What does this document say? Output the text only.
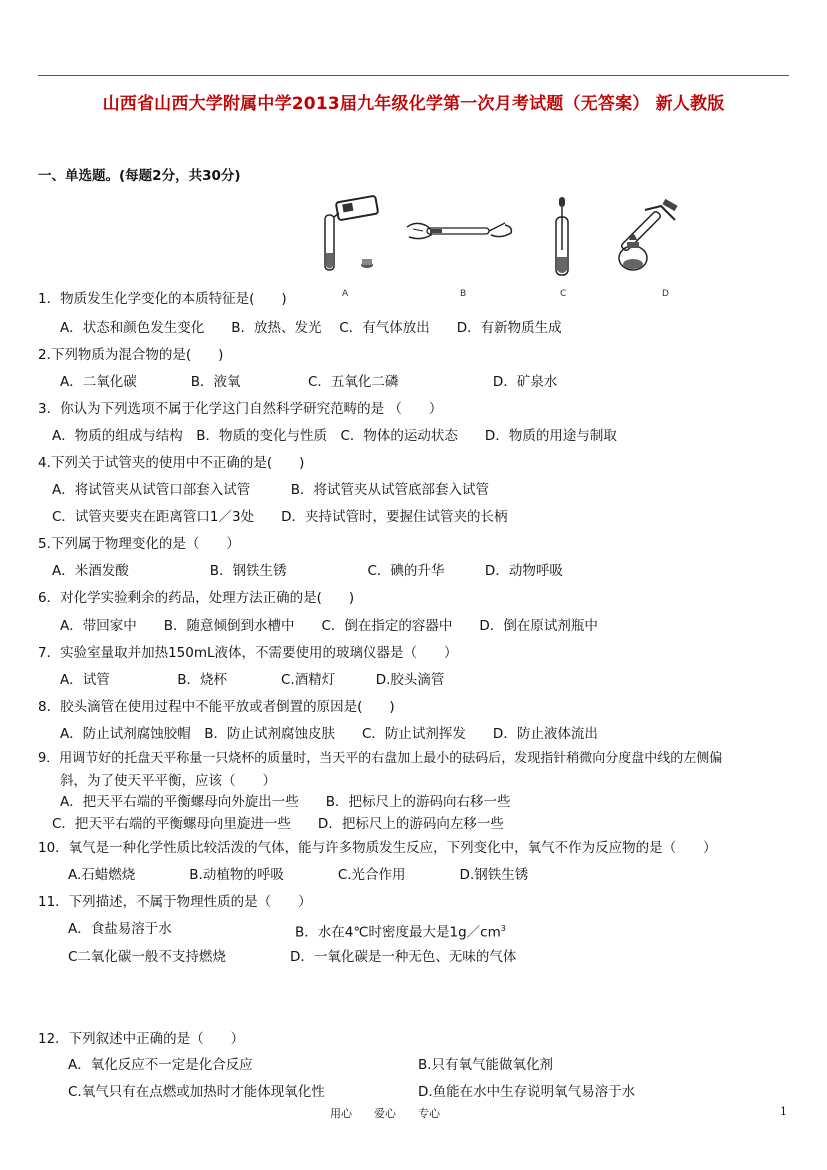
山西省山西大学附属中学2013届九年级化学第一次月考试题（无答案） 新人教版
一、单选题。(每题2分，共30分)
A	B	C	D
1．物质发生化学变化的本质特征是(　　)
A．状态和颜色发生变化　　B．放热、发光　 C．有气体放出　　D．有新物质生成
2.下列物质为混合物的是(　　)
A．二氧化碳　　　　B．液氧　　　　　C．五氧化二磷　　　　　　　D．矿泉水
3．你认为下列选项不属于化学这门自然科学研究范畴的是 （　　）
A．物质的组成与结构　B．物质的变化与性质　C．物体的运动状态　　D．物质的用途与制取
4.下列关于试管夹的使用中不正确的是(　　)
A．将试管夹从试管口部套入试管　　　B．将试管夹从试管底部套入试管
C．试管夹要夹在距离管口1／3处　　D．夹持试管时，要握住试管夹的长柄
5.下列属于物理变化的是（　　）
A．米酒发酸　　　　　　B．钢铁生锈　　　　　　C．碘的升华　　　D．动物呼吸
6．对化学实验剩余的药品，处理方法正确的是(　　)
A．带回家中　　B．随意倾倒到水槽中　　C．倒在指定的容器中　　D．倒在原试剂瓶中
7．实验室量取并加热150mL液体，不需要使用的玻璃仪器是（　　）
A．试管　　　　　B．烧杯　　　　C.酒精灯　　　D.胶头滴管
8．胶头滴管在使用过程中不能平放或者倒置的原因是(　　)
A．防止试剂腐蚀胶帽　B．防止试剂腐蚀皮肤　　C．防止试剂挥发　　D．防止液体流出
9．用调节好的托盘天平称量一只烧杯的质量时，当天平的右盘加上最小的砝码后，发现指针稍微向分度盘中线的左侧偏
斜，为了使天平平衡，应该（　　）
A．把天平右端的平衡螺母向外旋出一些　　B．把标尺上的游码向右移一些
C．把天平右端的平衡螺母向里旋进一些　　D．把标尺上的游码向左移一些
10．氧气是一种化学性质比较活泼的气体，能与许多物质发生反应，下列变化中，氧气不作为反应物的是（　　）
A.石蜡燃烧　　　　B.动植物的呼吸　　　　C.光合作用　　　　D.钢铁生锈
11．下列描述，不属于物理性质的是（　　）
A．食盐易溶于水	B．水在4℃时密度最大是$1g/cm^3$
C二氧化碳一般不支持燃烧	D．一氧化碳是一种无色、无味的气体
12．下列叙述中正确的是（　　）
A．氧化反应不一定是化合反应	B.只有氧气能做氧化剂
C.氧气只有在点燃或加热时才能体现氧化性	D.鱼能在水中生存说明氧气易溶于水
用心　　爱心　　专心	1
